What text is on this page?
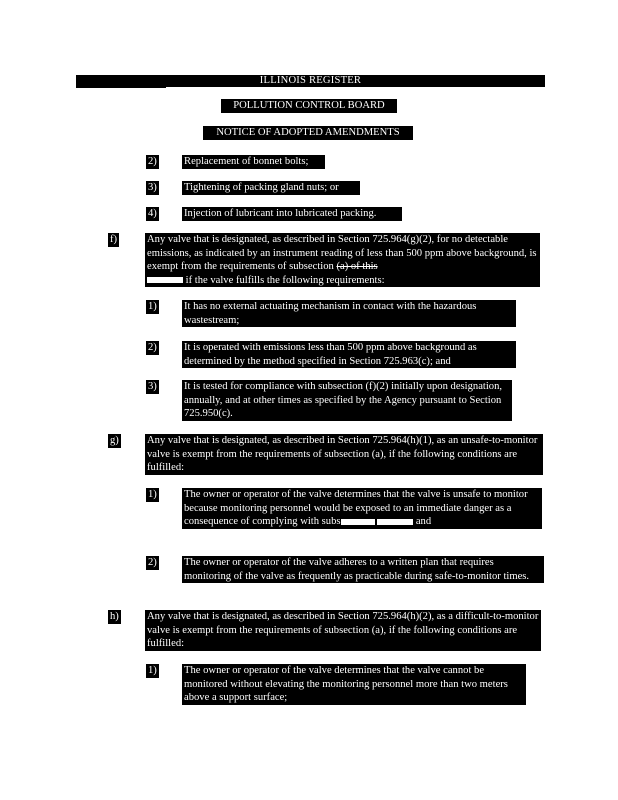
ILLINOIS REGISTER
POLLUTION CONTROL BOARD
NOTICE OF ADOPTED AMENDMENTS
2)	Replacement of bonnet bolts;
3)	Tightening of packing gland nuts; or
4)	Injection of lubricant into lubricated packing.
f)	Any valve that is designated, as described in Section 725.964(g)(2), for no detectable emissions, as indicated by an instrument reading of less than 500 ppm above background, is exempt from the requirements of subsection (a) of this
if the valve fulfills the following requirements:
1)	It has no external actuating mechanism in contact with the hazardous wastestream;
2)	It is operated with emissions less than 500 ppm above background as determined by the method specified in Section 725.963(c); and
3)	It is tested for compliance with subsection (f)(2) initially upon designation, annually, and at other times as specified by the Agency pursuant to Section 725.950(c).
g)	Any valve that is designated, as described in Section 725.964(h)(1), as an unsafe-to-monitor valve is exempt from the requirements of subsection (a), if the following conditions are fulfilled:
1)	The owner or operator of the valve determines that the valve is unsafe to monitor because monitoring personnel would be exposed to an immediate danger as a consequence of complying with subs	and
2)	The owner or operator of the valve adheres to a written plan that requires monitoring of the valve as frequently as practicable during safe-to-monitor times.
h)	Any valve that is designated, as described in Section 725.964(h)(2), as a difficult-to-monitor valve is exempt from the requirements of subsection (a), if the following conditions are fulfilled:
1)	The owner or operator of the valve determines that the valve cannot be monitored without elevating the monitoring personnel more than two meters above a support surface;
